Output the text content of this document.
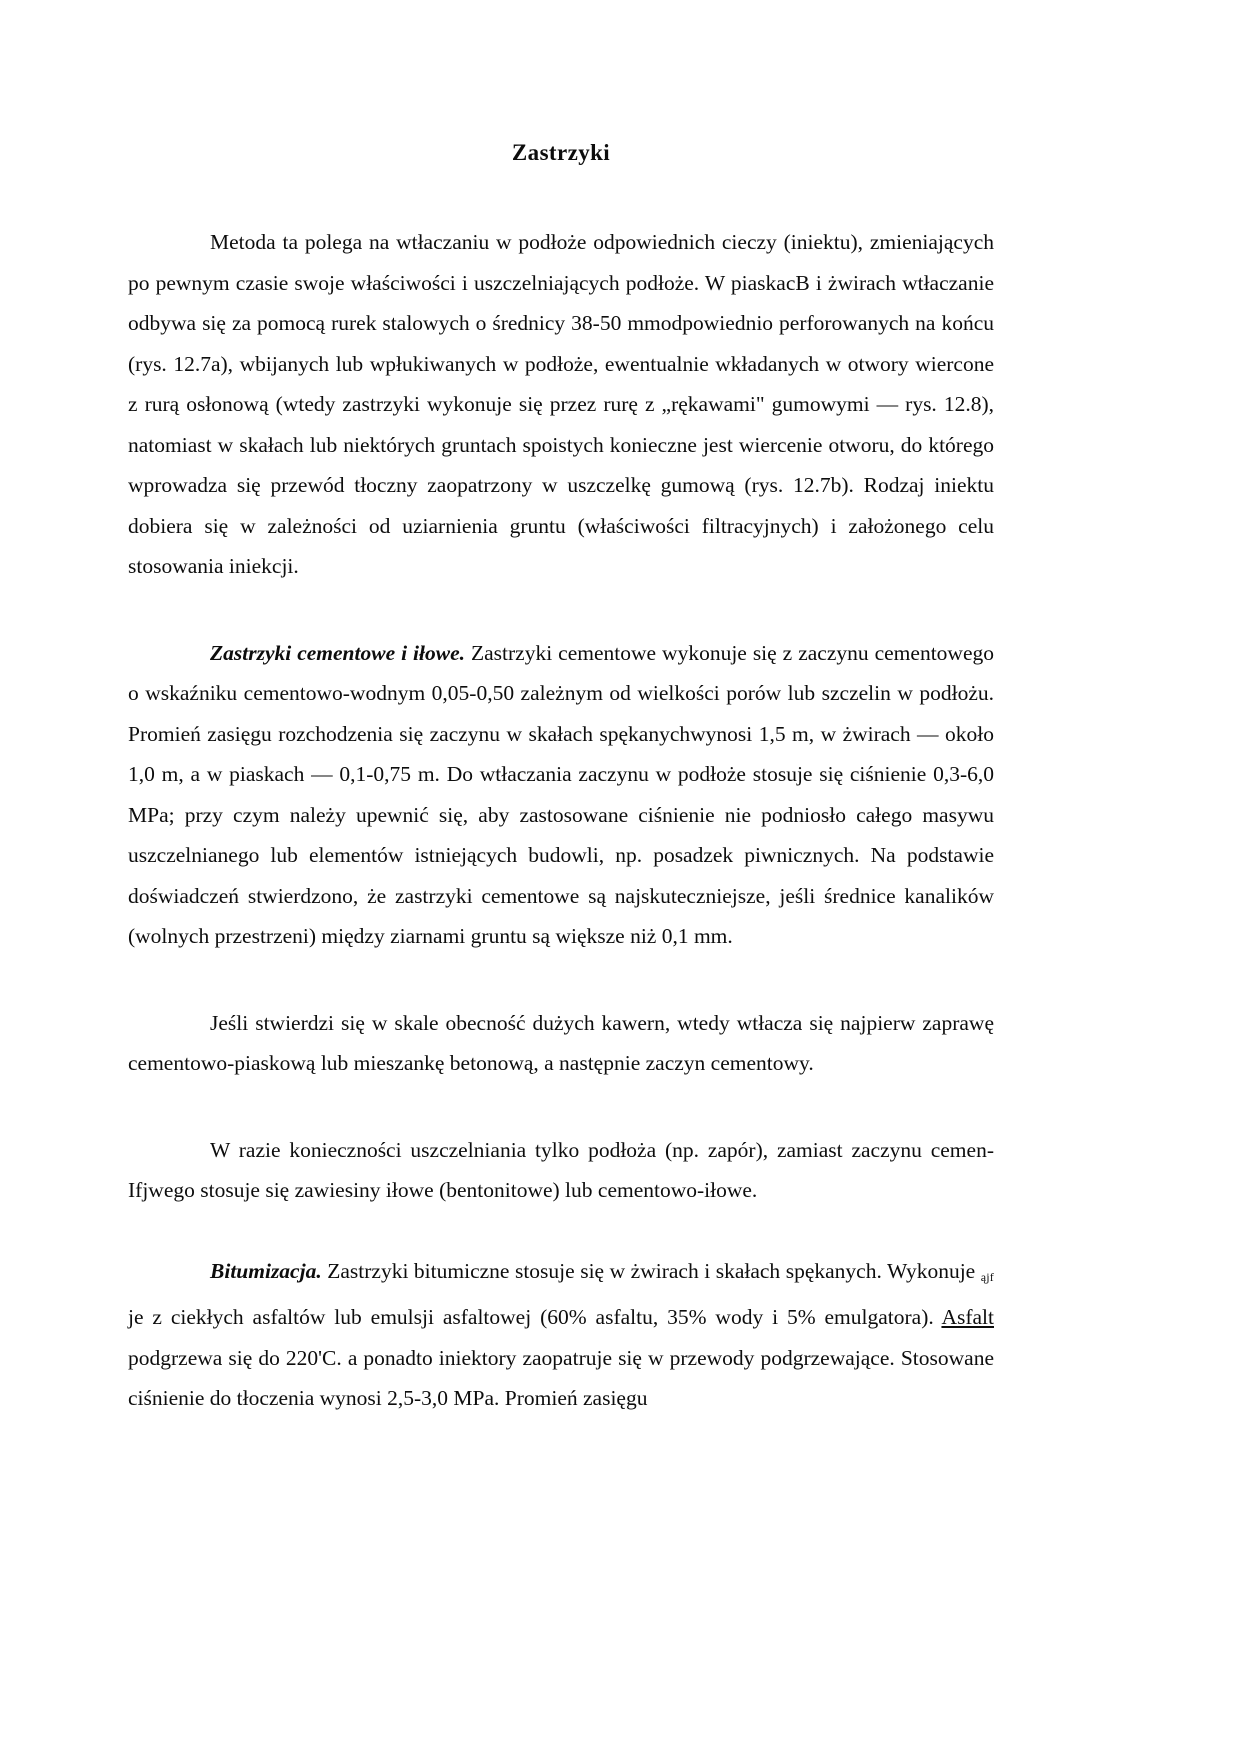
Zastrzyki

Metoda ta polega na wtłaczaniu w podłoże odpowiednich cieczy (iniektu), zmieniających po pewnym czasie swoje właściwości i uszczelniających podłoże. W piaskacB i żwirach wtłaczanie odbywa się za pomocą rurek stalowych o średnicy 38-50 mmodpowiednio perforowanych na końcu (rys. 12.7a), wbijanych lub wpłukiwanych w podłoże, ewentualnie wkładanych w otwory wiercone z rurą osłonową (wtedy zastrzyki wykonuje się przez rurę z „rękawami" gumowymi — rys. 12.8), natomiast w skałach lub niektórych gruntach spoistych konieczne jest wiercenie otworu, do którego wprowadza się przewód tłoczny zaopatrzony w uszczelkę gumową (rys. 12.7b). Rodzaj iniektu dobiera się w zależności od uziarnienia gruntu (właściwości filtracyjnych) i założonego celu stosowania iniekcji.

Zastrzyki cementowe i iłowe. Zastrzyki cementowe wykonuje się z zaczynu cementowego o wskaźniku cementowo-wodnym 0,05-0,50 zależnym od wielkości porów lub szczelin w podłożu. Promień zasięgu rozchodzenia się zaczynu w skałach spękanychwynosi 1,5 m, w żwirach — około 1,0 m, a w piaskach — 0,1-0,75 m. Do wtłaczania zaczynu w podłoże stosuje się ciśnienie 0,3-6,0 MPa; przy czym należy upewnić się, aby zastosowane ciśnienie nie podniosło całego masywu uszczelnianego lub elementów istniejących budowli, np. posadzek piwnicznych. Na podstawie doświadczeń stwierdzono, że zastrzyki cementowe są najskuteczniejsze, jeśli średnice kanalików (wolnych przestrzeni) między ziarnami gruntu są większe niż 0,1 mm.

Jeśli stwierdzi się w skale obecność dużych kawern, wtedy wtłacza się najpierw zaprawę cementowo-piaskową lub mieszankę betonową, a następnie zaczyn cementowy.

W razie konieczności uszczelniania tylko podłoża (np. zapór), zamiast zaczynu cemen-Ifjwego stosuje się zawiesiny iłowe (bentonitowe) lub cementowo-iłowe.

Bitumizacja. Zastrzyki bitumiczne stosuje się w żwirach i skałach spękanych. Wykonuje ąjf je z ciekłych asfaltów lub emulsji asfaltowej (60% asfaltu, 35% wody i 5% emulgatora). Asfalt podgrzewa się do 220'C. a ponadto iniektory zaopatruje się w przewody podgrzewające. Stosowane ciśnienie do tłoczenia wynosi 2,5-3,0 MPa. Promień zasięgu
